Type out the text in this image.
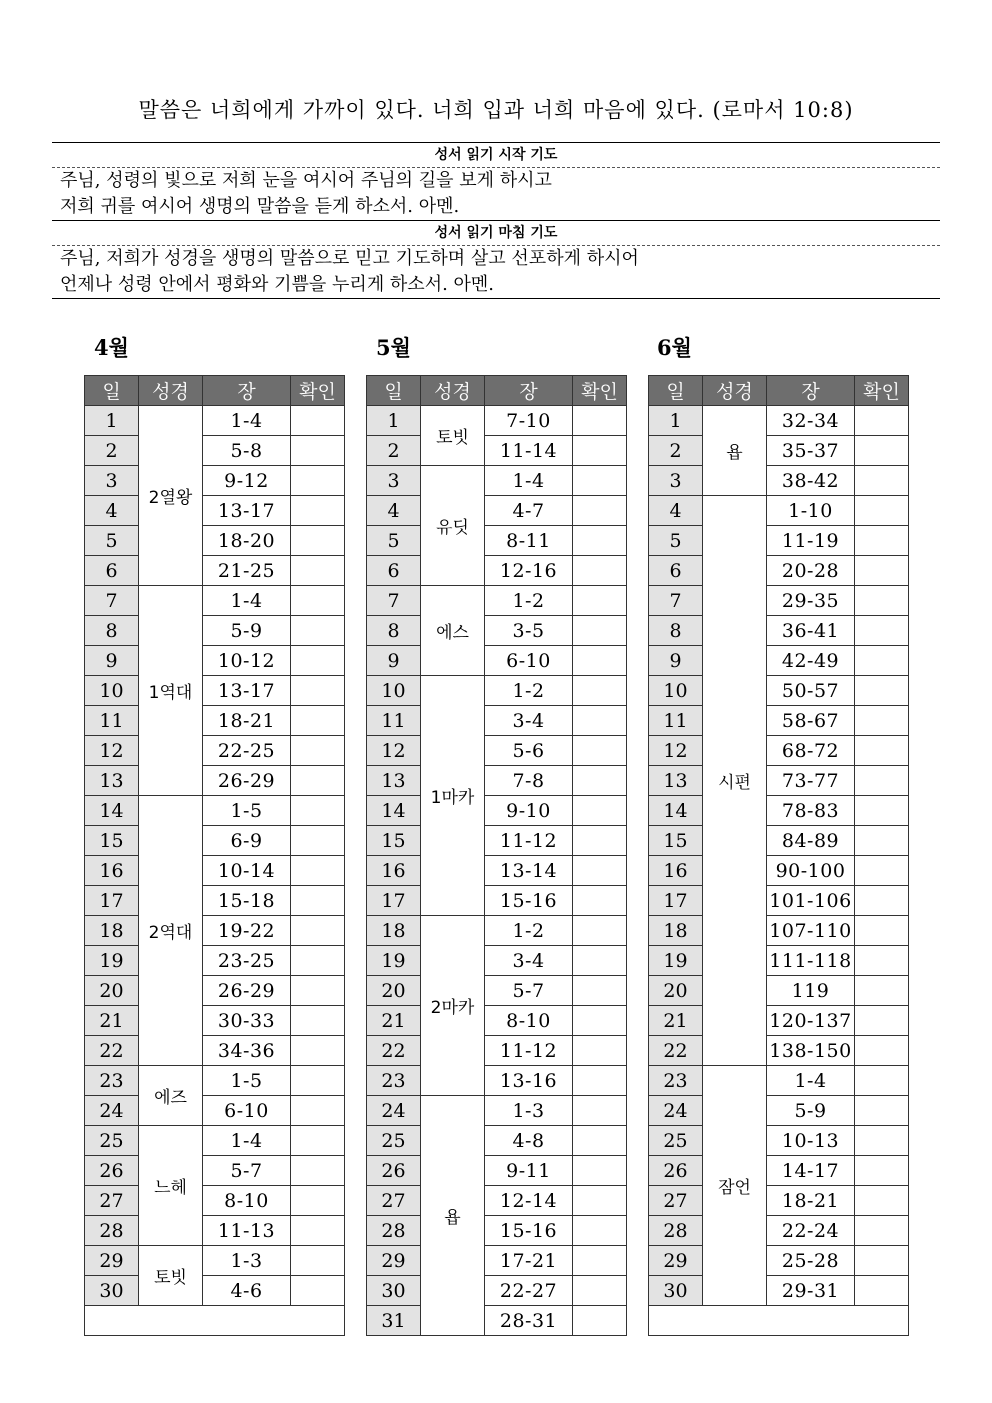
말씀은 너희에게 가까이 있다. 너희 입과 너희 마음에 있다. (로마서 10:8)
성서 읽기 시작 기도
주님, 성령의 빛으로 저희 눈을 여시어 주님의 길을 보게 하시고
저희 귀를 여시어 생명의 말씀을 듣게 하소서. 아멘.
성서 읽기 마침 기도
주님, 저희가 성경을 생명의 말씀으로 믿고 기도하며 살고 선포하게 하시어
언제나 성령 안에서 평화와 기쁨을 누리게 하소서. 아멘.
4월	5월	6월
일	성경	장	확인
1	2열왕	1-4	
2		5-8	
3		9-12	
4		13-17	
5		18-20	
6		21-25	
7	1역대	1-4	
8		5-9	
9		10-12	
10		13-17	
11		18-21	
12		22-25	
13		26-29	
14	2역대	1-5	
15		6-9	
16		10-14	
17		15-18	
18		19-22	
19		23-25	
20		26-29	
21		30-33	
22		34-36	
23	에즈	1-5	
24		6-10	
25	느헤	1-4	
26		5-7	
27		8-10	
28		11-13	
29	토빗	1-3	
30		4-6	

일	성경	장	확인
1	토빗	7-10	
2		11-14	
3	유딧	1-4	
4		4-7	
5		8-11	
6		12-16	
7	에스	1-2	
8		3-5	
9		6-10	
10	1마카	1-2	
11		3-4	
12		5-6	
13		7-8	
14		9-10	
15		11-12	
16		13-14	
17		15-16	
18	2마카	1-2	
19		3-4	
20		5-7	
21		8-10	
22		11-12	
23		13-16	
24	욥	1-3	
25		4-8	
26		9-11	
27		12-14	
28		15-16	
29		17-21	
30		22-27	
31		28-31	
일	성경	장	확인
1	욥	32-34	
2		35-37	
3		38-42	
4	시편	1-10	
5		11-19	
6		20-28	
7		29-35	
8		36-41	
9		42-49	
10		50-57	
11		58-67	
12		68-72	
13		73-77	
14		78-83	
15		84-89	
16		90-100	
17		101-106	
18		107-110	
19		111-118	
20		119	
21		120-137	
22		138-150	
23	잠언	1-4	
24		5-9	
25		10-13	
26		14-17	
27		18-21	
28		22-24	
29		25-28	
30		29-31	
